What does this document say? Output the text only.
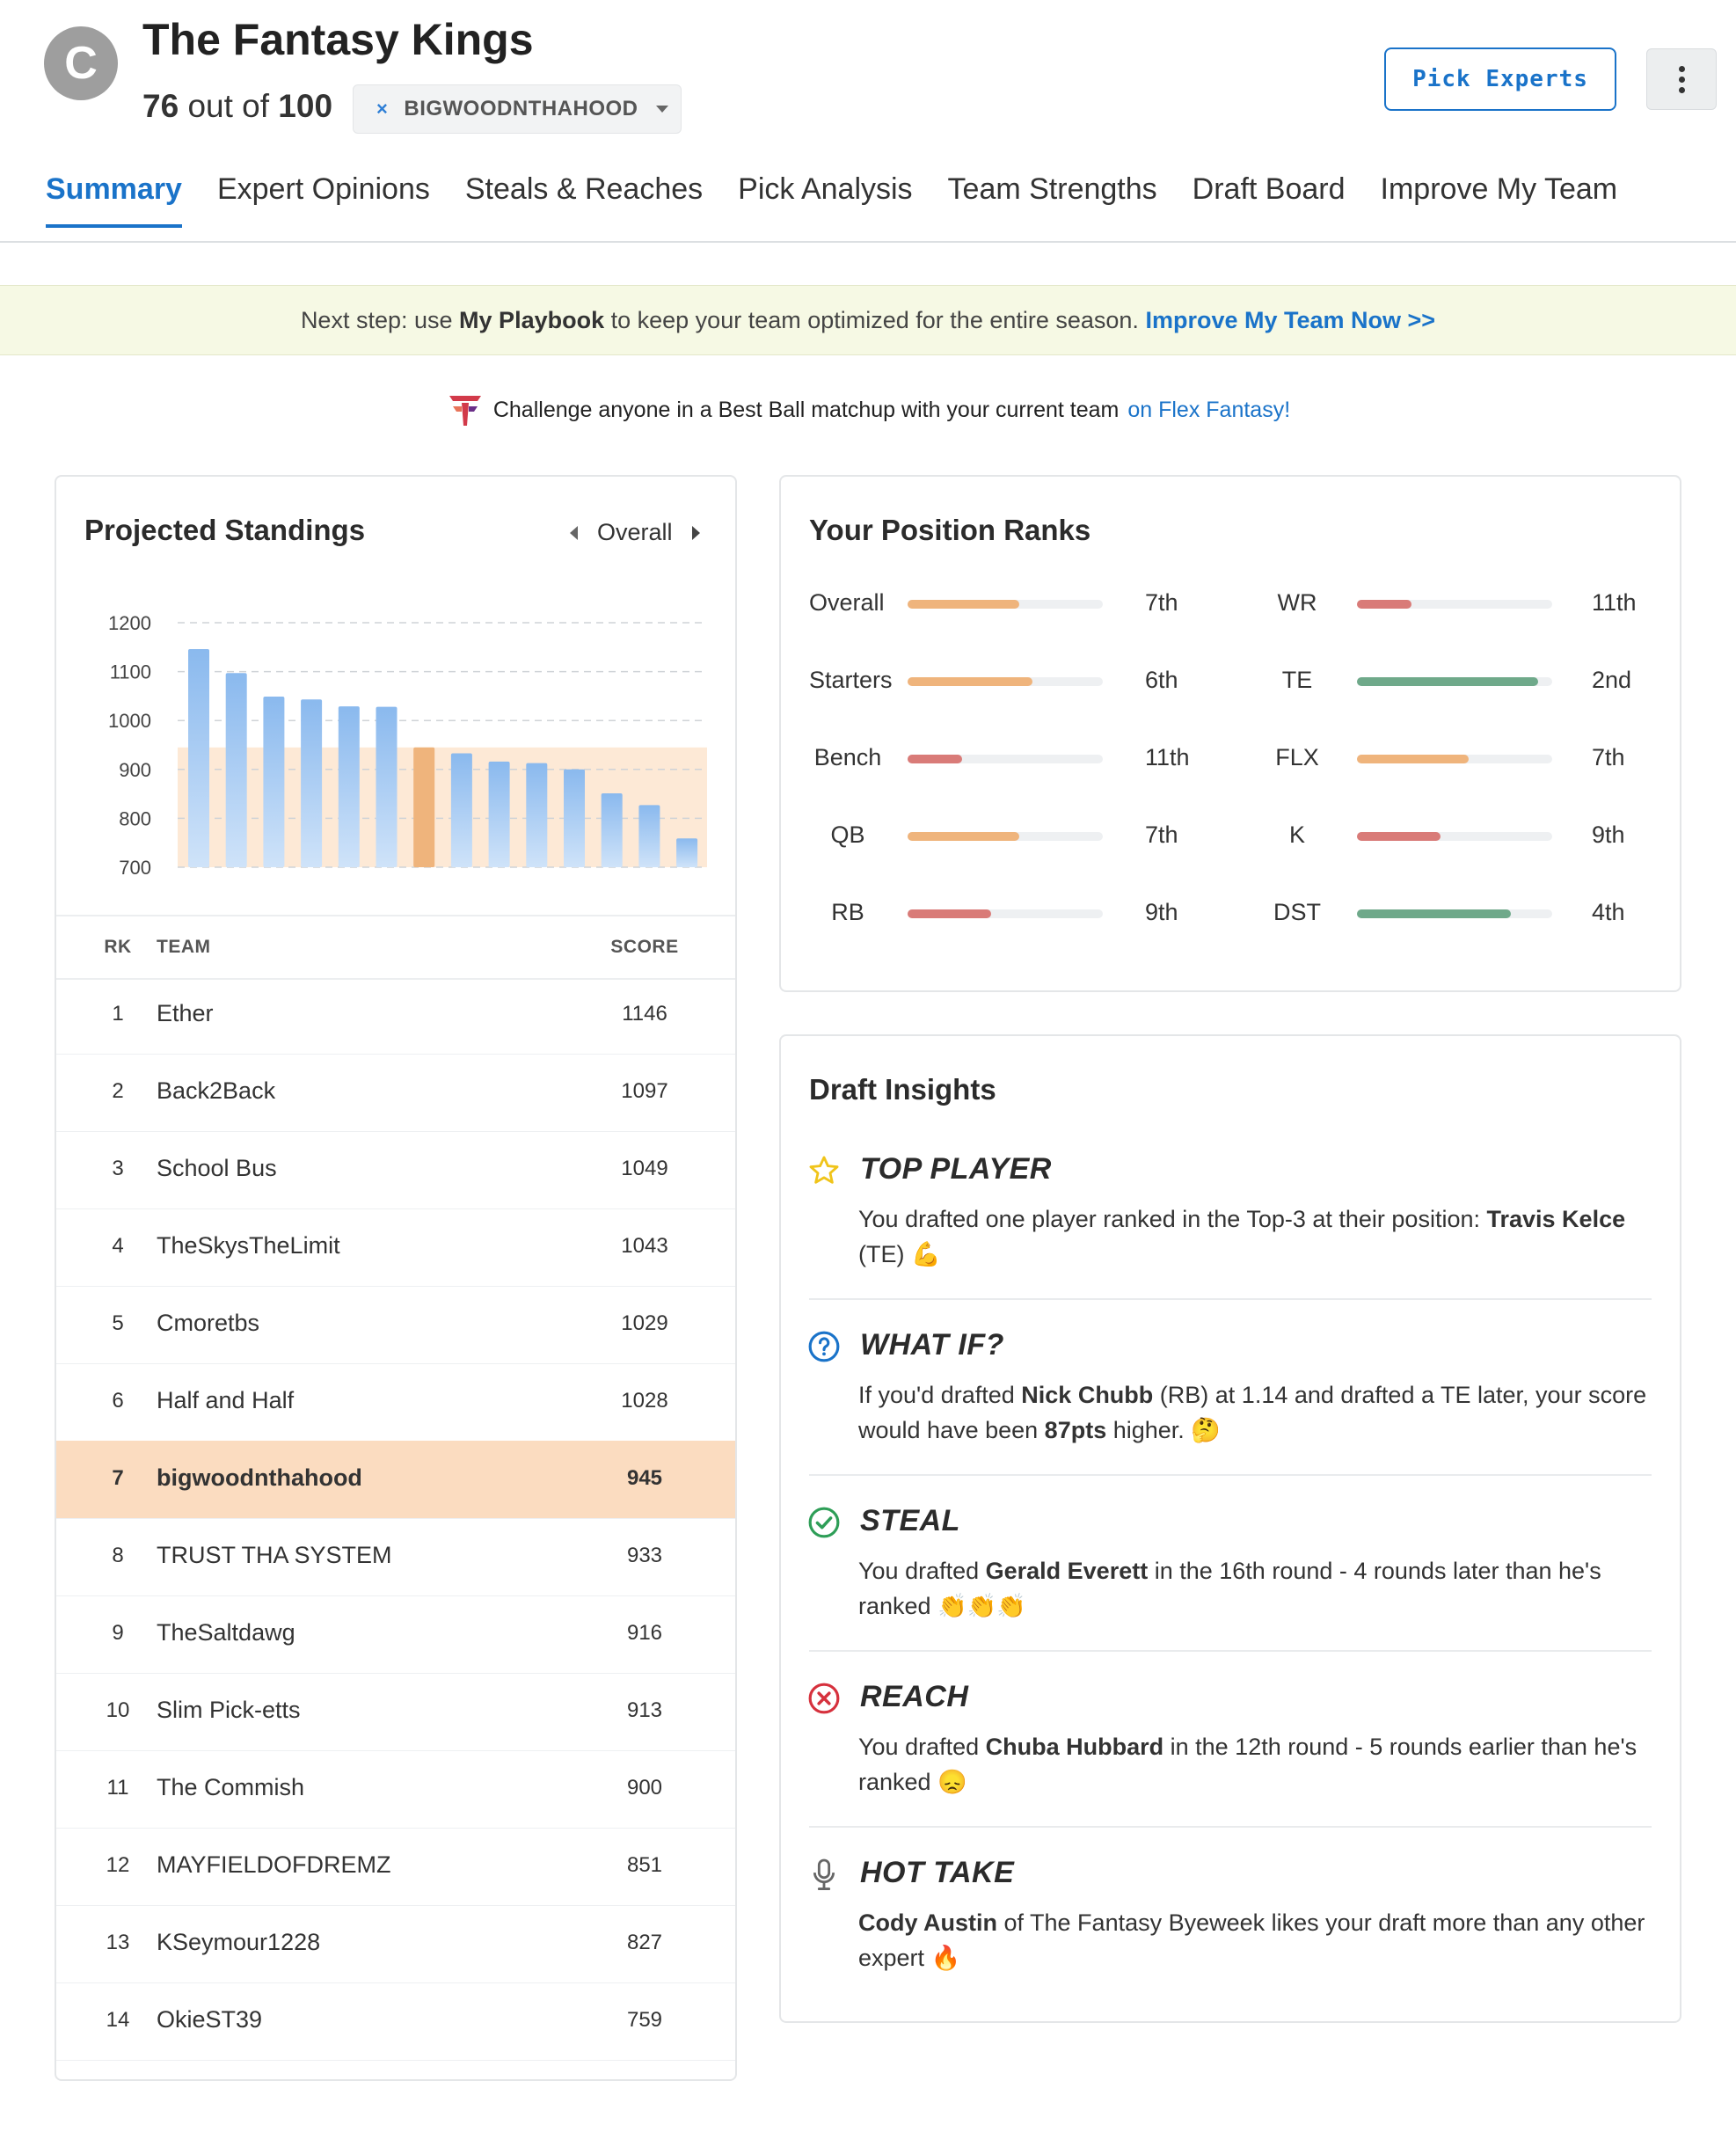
C	The Fantasy Kings
76 out of 100 × BIGWOODNTHAHOOD
Pick Experts
Summary Expert Opinions Steals & Reaches Pick Analysis Team Strengths Draft Board Improve My Team
Next step: use
My Playbook
to keep your team optimized for the entire season.
Improve My Team Now >>
Challenge anyone in a Best Ball matchup with your current team on Flex Fantasy!
Projected Standings	Overall
1200
1100
1000
900
800
700
RK	TEAM	SCORE
1	Ether	1146
2	Back2Back	1097
3	School Bus	1049
4	TheSkysTheLimit	1043
5	Cmoretbs	1029
6	Half and Half	1028
7	bigwoodnthahood	945
8	TRUST THA SYSTEM	933
9	TheSaltdawg	916
10	Slim Pick-etts	913
11	The Commish	900
12	MAYFIELDOFDREMZ	851
13	KSeymour1228	827
14	OkieST39	759
Your Position Ranks
Overall	7th
Starters	6th
Bench	11th
QB	7th
RB	9th
WR	11th
TE	2nd
FLX	7th
K	9th
DST	4th
Draft Insights
TOP PLAYER
You drafted one player ranked in the Top-3 at their position: Travis Kelce (TE) 💪
WHAT IF?
If you'd drafted Nick Chubb (RB) at 1.14 and drafted a TE later, your score would have been 87pts higher. 🤔
STEAL
You drafted Gerald Everett in the 16th round - 4 rounds later than he's ranked 👏👏👏
REACH
You drafted Chuba Hubbard in the 12th round - 5 rounds earlier than he's ranked 😞
HOT TAKE
Cody Austin of The Fantasy Byeweek likes your draft more than any other expert 🔥
